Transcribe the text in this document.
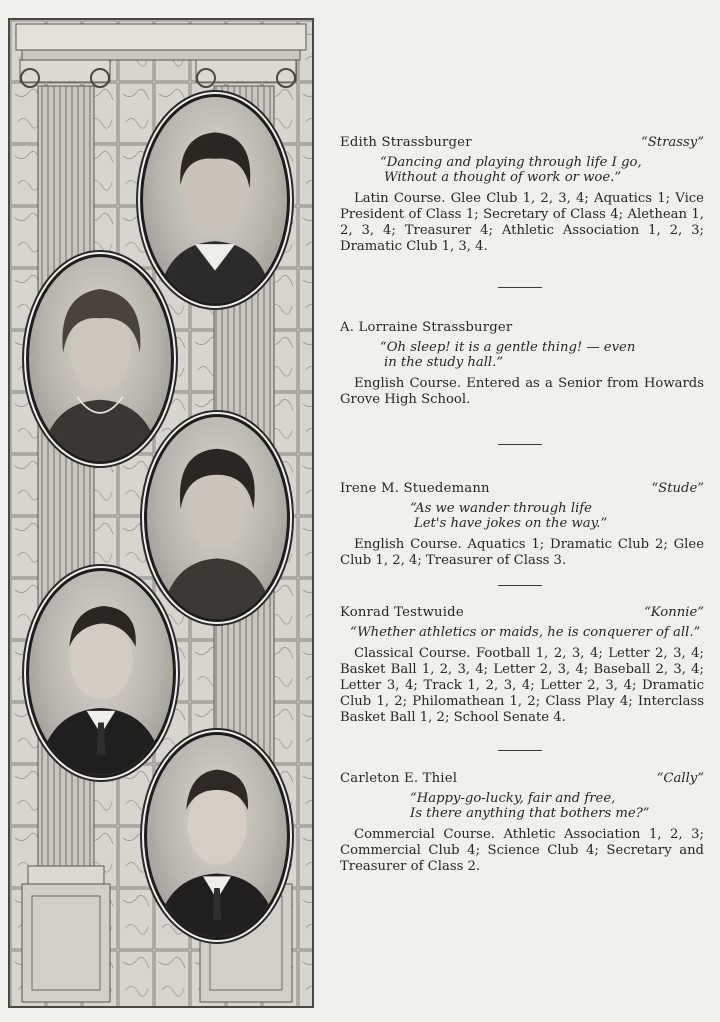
Edith Strassburger	“Strassy”
“Dancing and playing through life I go,
Without a thought of work or woe.”
Latin Course. Glee Club 1, 2, 3, 4; Aquatics 1; Vice President of Class 1; Secretary of Class 4; Alethean 1, 2, 3, 4; Treasurer 4; Athletic Association 1, 2, 3; Dramatic Club 1, 3, 4.
A. Lorraine Strassburger
“Oh sleep! it is a gentle thing! — even
in the study hall.”
English Course. Entered as a Senior from Howards Grove High School.
Irene M. Stuedemann	“Stude”
“As we wander through life
Let's have jokes on the way.”
English Course. Aquatics 1; Dramatic Club 2; Glee Club 1, 2, 4; Treasurer of Class 3.
Konrad Testwuide	“Konnie”
“Whether athletics or maids, he is conquerer of all.”
Classical Course. Football 1, 2, 3, 4; Letter 2, 3, 4; Basket Ball 1, 2, 3, 4; Letter 2, 3, 4; Baseball 2, 3, 4; Letter 3, 4; Track 1, 2, 3, 4; Letter 2, 3, 4; Dramatic Club 1, 2; Philomathean 1, 2; Class Play 4; Interclass Basket Ball 1, 2; School Senate 4.
Carleton E. Thiel	“Cally”
“Happy-go-lucky, fair and free,
Is there anything that bothers me?”
Commercial Course. Athletic Association 1, 2, 3; Commercial Club 4; Science Club 4; Secretary and Treasurer of Class 2.
